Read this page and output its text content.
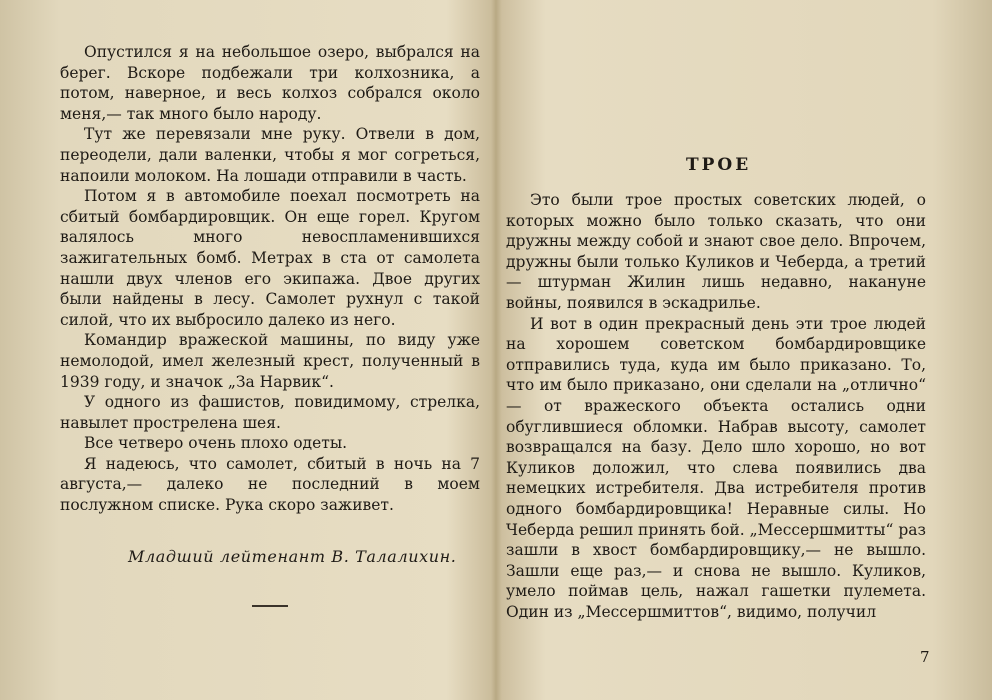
Опустился я на небольшое озеро, выбрался на берег. Вскоре подбежали три колхозника, а потом, наверное, и весь колхоз собрался около меня,— так много было народу.

Тут же перевязали мне руку. Отвели в дом, переодели, дали валенки, чтобы я мог согреться, напоили молоком. На лошади отправили в часть.

Потом я в автомобиле поехал посмотреть на сбитый бомбардировщик. Он еще горел. Кругом валялось много невоспламенившихся зажигательных бомб. Метрах в ста от самолета нашли двух членов его экипажа. Двое других были найдены в лесу. Самолет рухнул с такой силой, что их выбросило далеко из него.

Командир вражеской машины, по виду уже немолодой, имел железный крест, полученный в 1939 году, и значок „За Нарвик“.

У одного из фашистов, повидимому, стрелка, навылет прострелена шея.

Все четверо очень плохо одеты.

Я надеюсь, что самолет, сбитый в ночь на 7 августа,— далеко не последний в моем послужном списке. Рука скоро заживет.

Младший лейтенант В. Талалихин.
ТРОЕ

Это были трое простых советских людей, о которых можно было только сказать, что они дружны между собой и знают свое дело. Впрочем, дружны были только Куликов и Чеберда, а третий — штурман Жилин лишь недавно, накануне войны, появился в эскадрилье.

И вот в один прекрасный день эти трое людей на хорошем советском бомбардировщике отправились туда, куда им было приказано. То, что им было приказано, они сделали на „отлично“ — от вражеского объекта остались одни обуглившиеся обломки. Набрав высоту, самолет возвращался на базу. Дело шло хорошо, но вот Куликов доложил, что слева появились два немецких истребителя. Два истребителя против одного бомбардировщика! Неравные силы. Но Чеберда решил принять бой. „Мессершмитты“ раз зашли в хвост бомбардировщику,— не вышло. Зашли еще раз,— и снова не вышло. Куликов, умело поймав цель, нажал гашетки пулемета. Один из „Мессершмиттов“, видимо, получил

7
